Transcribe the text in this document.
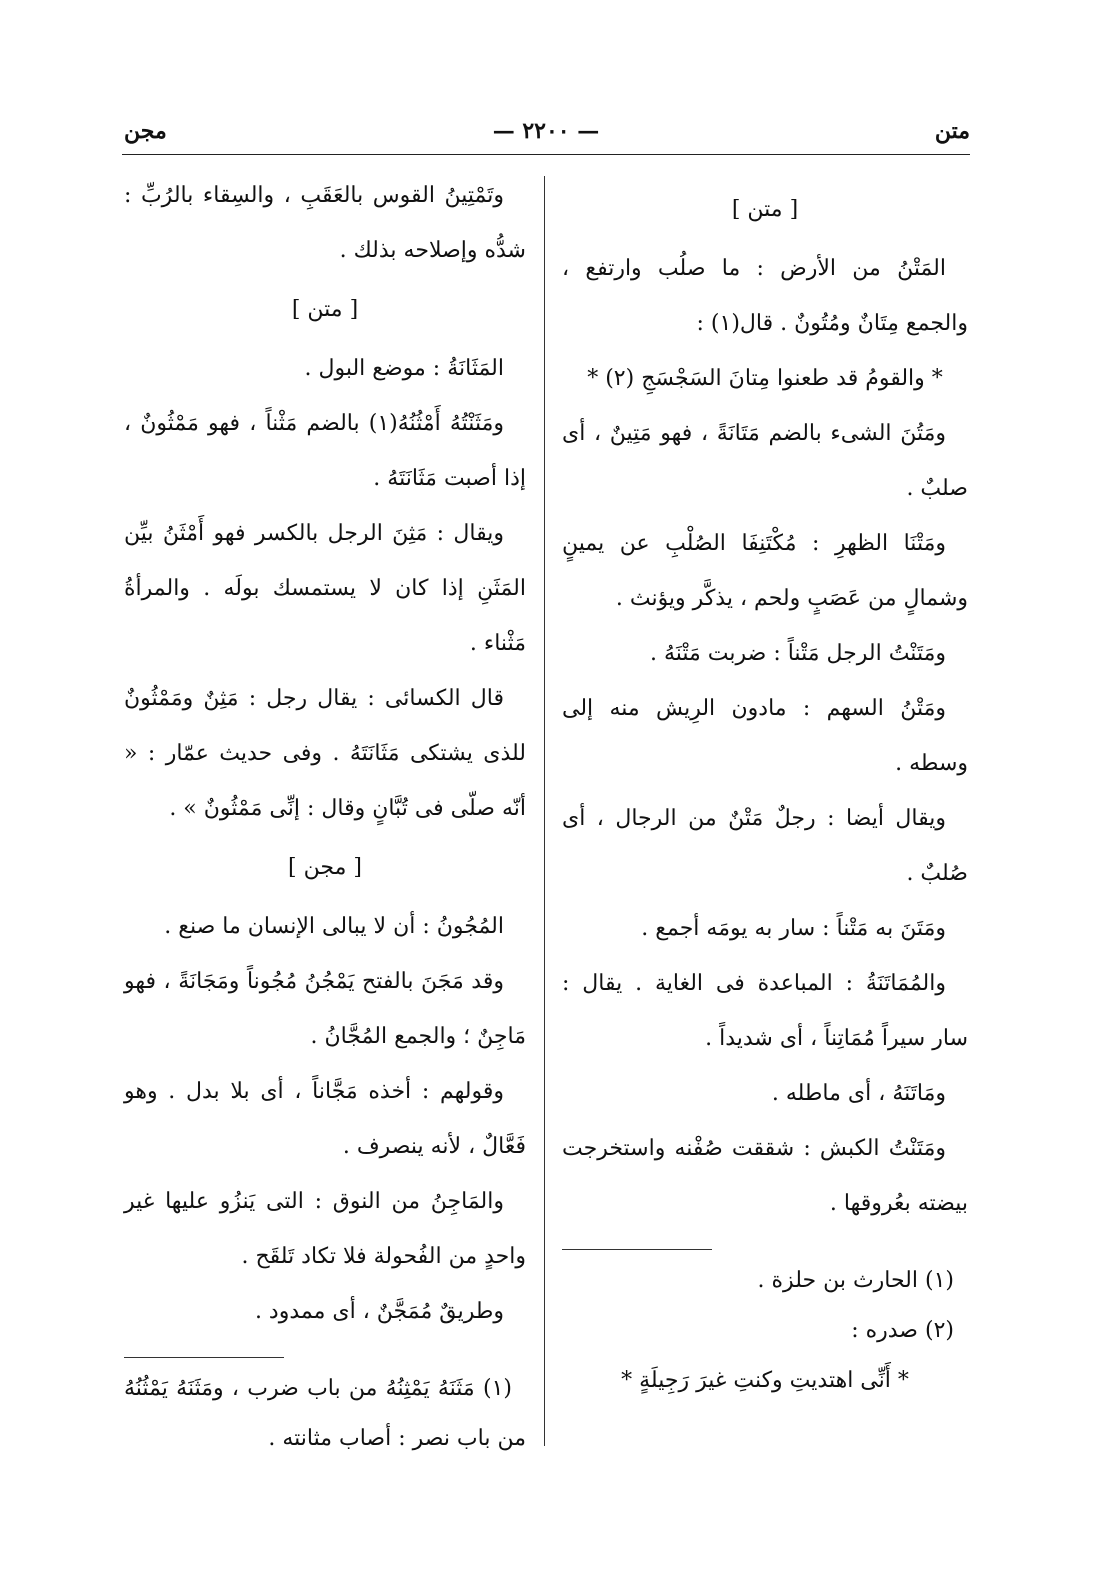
متن
— ٢٢٠٠ —
مجن

[ متن ]

المَتْنُ من الأرض : ما صلُب وارتفع ، والجمع مِتَانٌ ومُتُونٌ . قال(١) :

* والقومُ قد طعنوا مِتانَ السَجْسَجِ (٢) *

ومَتُنَ الشىء بالضم مَتَانَةً ، فهو مَتِينٌ ، أى صلبٌ .

ومَتْنَا الظهرِ : مُكْتَنِفَا الصُلْبِ عن يمينٍ وشمالٍ من عَصَبٍ ولحم ، يذكَّر ويؤنث .

ومَتَنْتُ الرجل مَتْناً : ضربت مَتْنَهُ .

ومَتْنُ السهم : مادون الرِيش منه إلى وسطه .

ويقال أيضا : رجلٌ مَتْنٌ من الرجال ، أى صُلبٌ .

ومَتَنَ به مَتْناً : سار به يومَه أجمع .

والمُمَاتَنَةُ : المباعدة فى الغاية . يقال : سار سيراً مُمَاتِناً ، أى شديداً .

ومَاتَنَهُ ، أى ماطله .

ومَتَنْتُ الكبش : شققت صُفْنه واستخرجت بيضته بعُروقها .

(١) الحارث بن حلزة .

(٢) صدره :

* أَنِّى اهتديتِ وكنتِ غيرَ رَجِيلَةٍ *

وتَمْتِينُ القوس بالعَقَبِ ، والسِقاء بالرُبِّ : شدُّه وإصلاحه بذلك .

[ متن ]

المَثَانَةُ : موضع البول .

ومَثَنْتُهُ أَمْثُنُهُ(١) بالضم مَثْناً ، فهو مَمْثُونٌ ، إذا أصبت مَثَانَتَهُ .

ويقال : مَثِنَ الرجل بالكسر فهو أَمْثَنُ بيِّن المَثَنِ إذا كان لا يستمسك بولَه . والمرأةُ مَثْناء .

قال الكسائى : يقال رجل : مَثِنٌ ومَمْثُونٌ للذى يشتكى مَثَانَتَهُ . وفى حديث عمّار : « أنّه صلّى فى تُبَّانٍ وقال : إنِّى مَمْثُونٌ » .

[ مجن ]

المُجُونُ : أن لا يبالى الإنسان ما صنع .

وقد مَجَنَ بالفتح يَمْجُنُ مُجُوناً ومَجَانَةً ، فهو مَاجِنٌ ؛ والجمع المُجَّانُ .

وقولهم : أخذه مَجَّاناً ، أى بلا بدل . وهو فَعَّالٌ ، لأنه ينصرف .

والمَاجِنُ من النوق : التى يَنزُو عليها غير واحدٍ من الفُحولة فلا تكاد تَلقَح .

وطريقٌ مُمَجَّنٌ ، أى ممدود .

(١) مَثَنَهُ يَمْثِنُهُ من باب ضرب ، ومَثَنَهُ يَمْثُنُهُ من باب نصر : أصاب مثانته .
